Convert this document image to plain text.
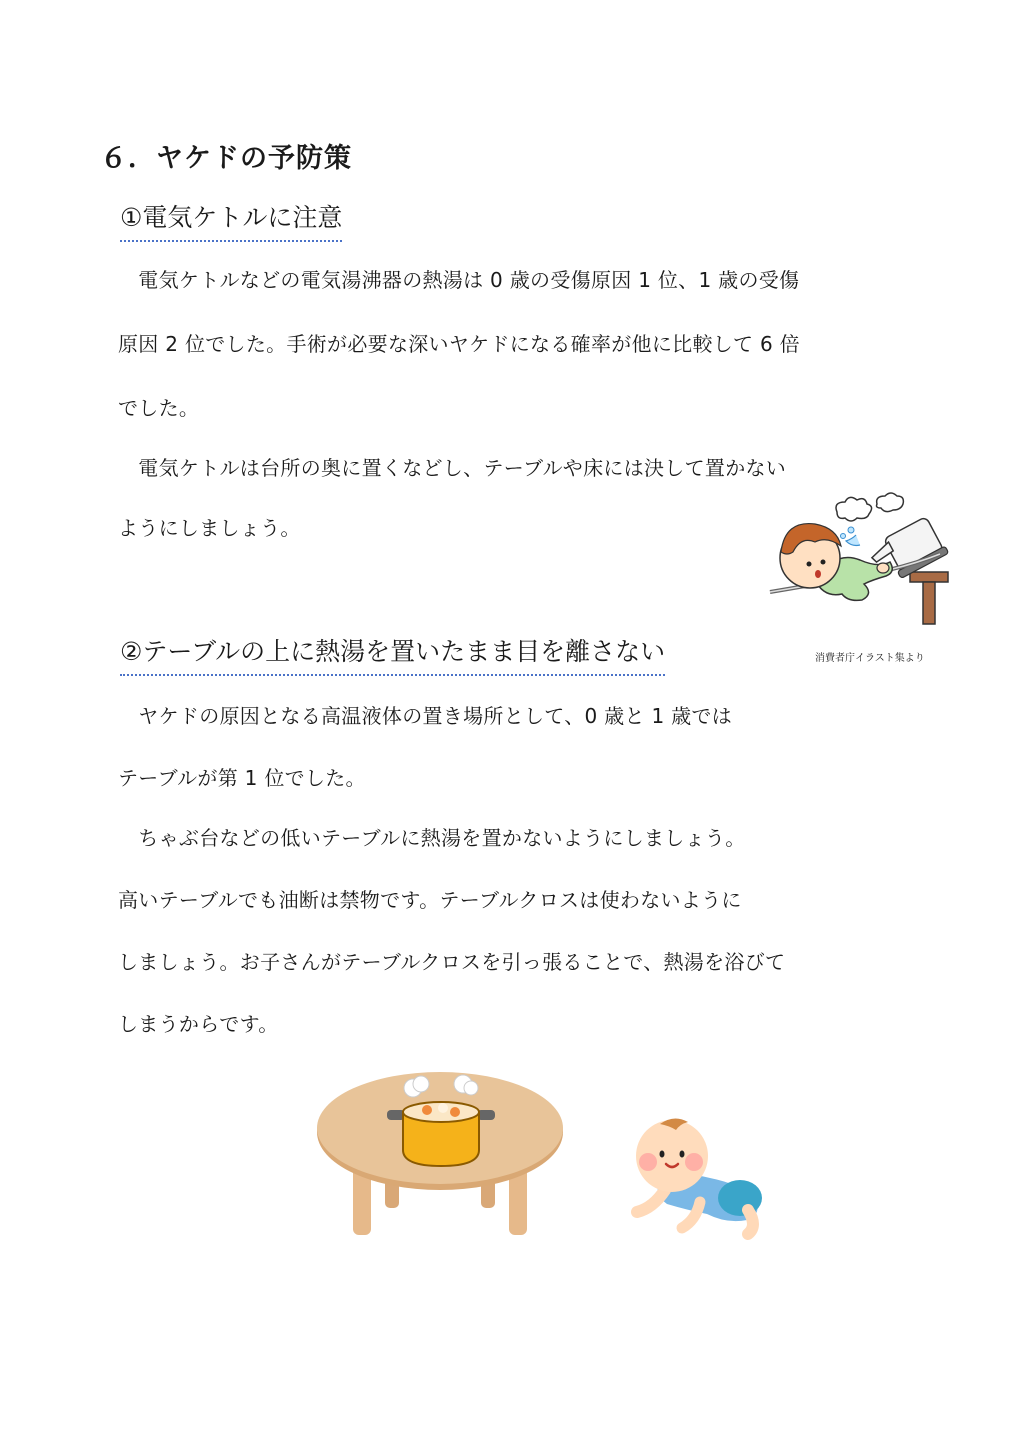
６．ヤケドの予防策
①電気ケトルに注意
　電気ケトルなどの電気湯沸器の熱湯は 0 歳の受傷原因 1 位、1 歳の受傷
原因 2 位でした。手術が必要な深いヤケドになる確率が他に比較して 6 倍
でした。
　電気ケトルは台所の奥に置くなどし、テーブルや床には決して置かない
ようにしましょう。
消費者庁イラスト集より
②テーブルの上に熱湯を置いたまま目を離さない
　ヤケドの原因となる高温液体の置き場所として、0 歳と 1 歳では
テーブルが第 1 位でした。
　ちゃぶ台などの低いテーブルに熱湯を置かないようにしましょう。
高いテーブルでも油断は禁物です。テーブルクロスは使わないように
しましょう。お子さんがテーブルクロスを引っ張ることで、熱湯を浴びて
しまうからです。
